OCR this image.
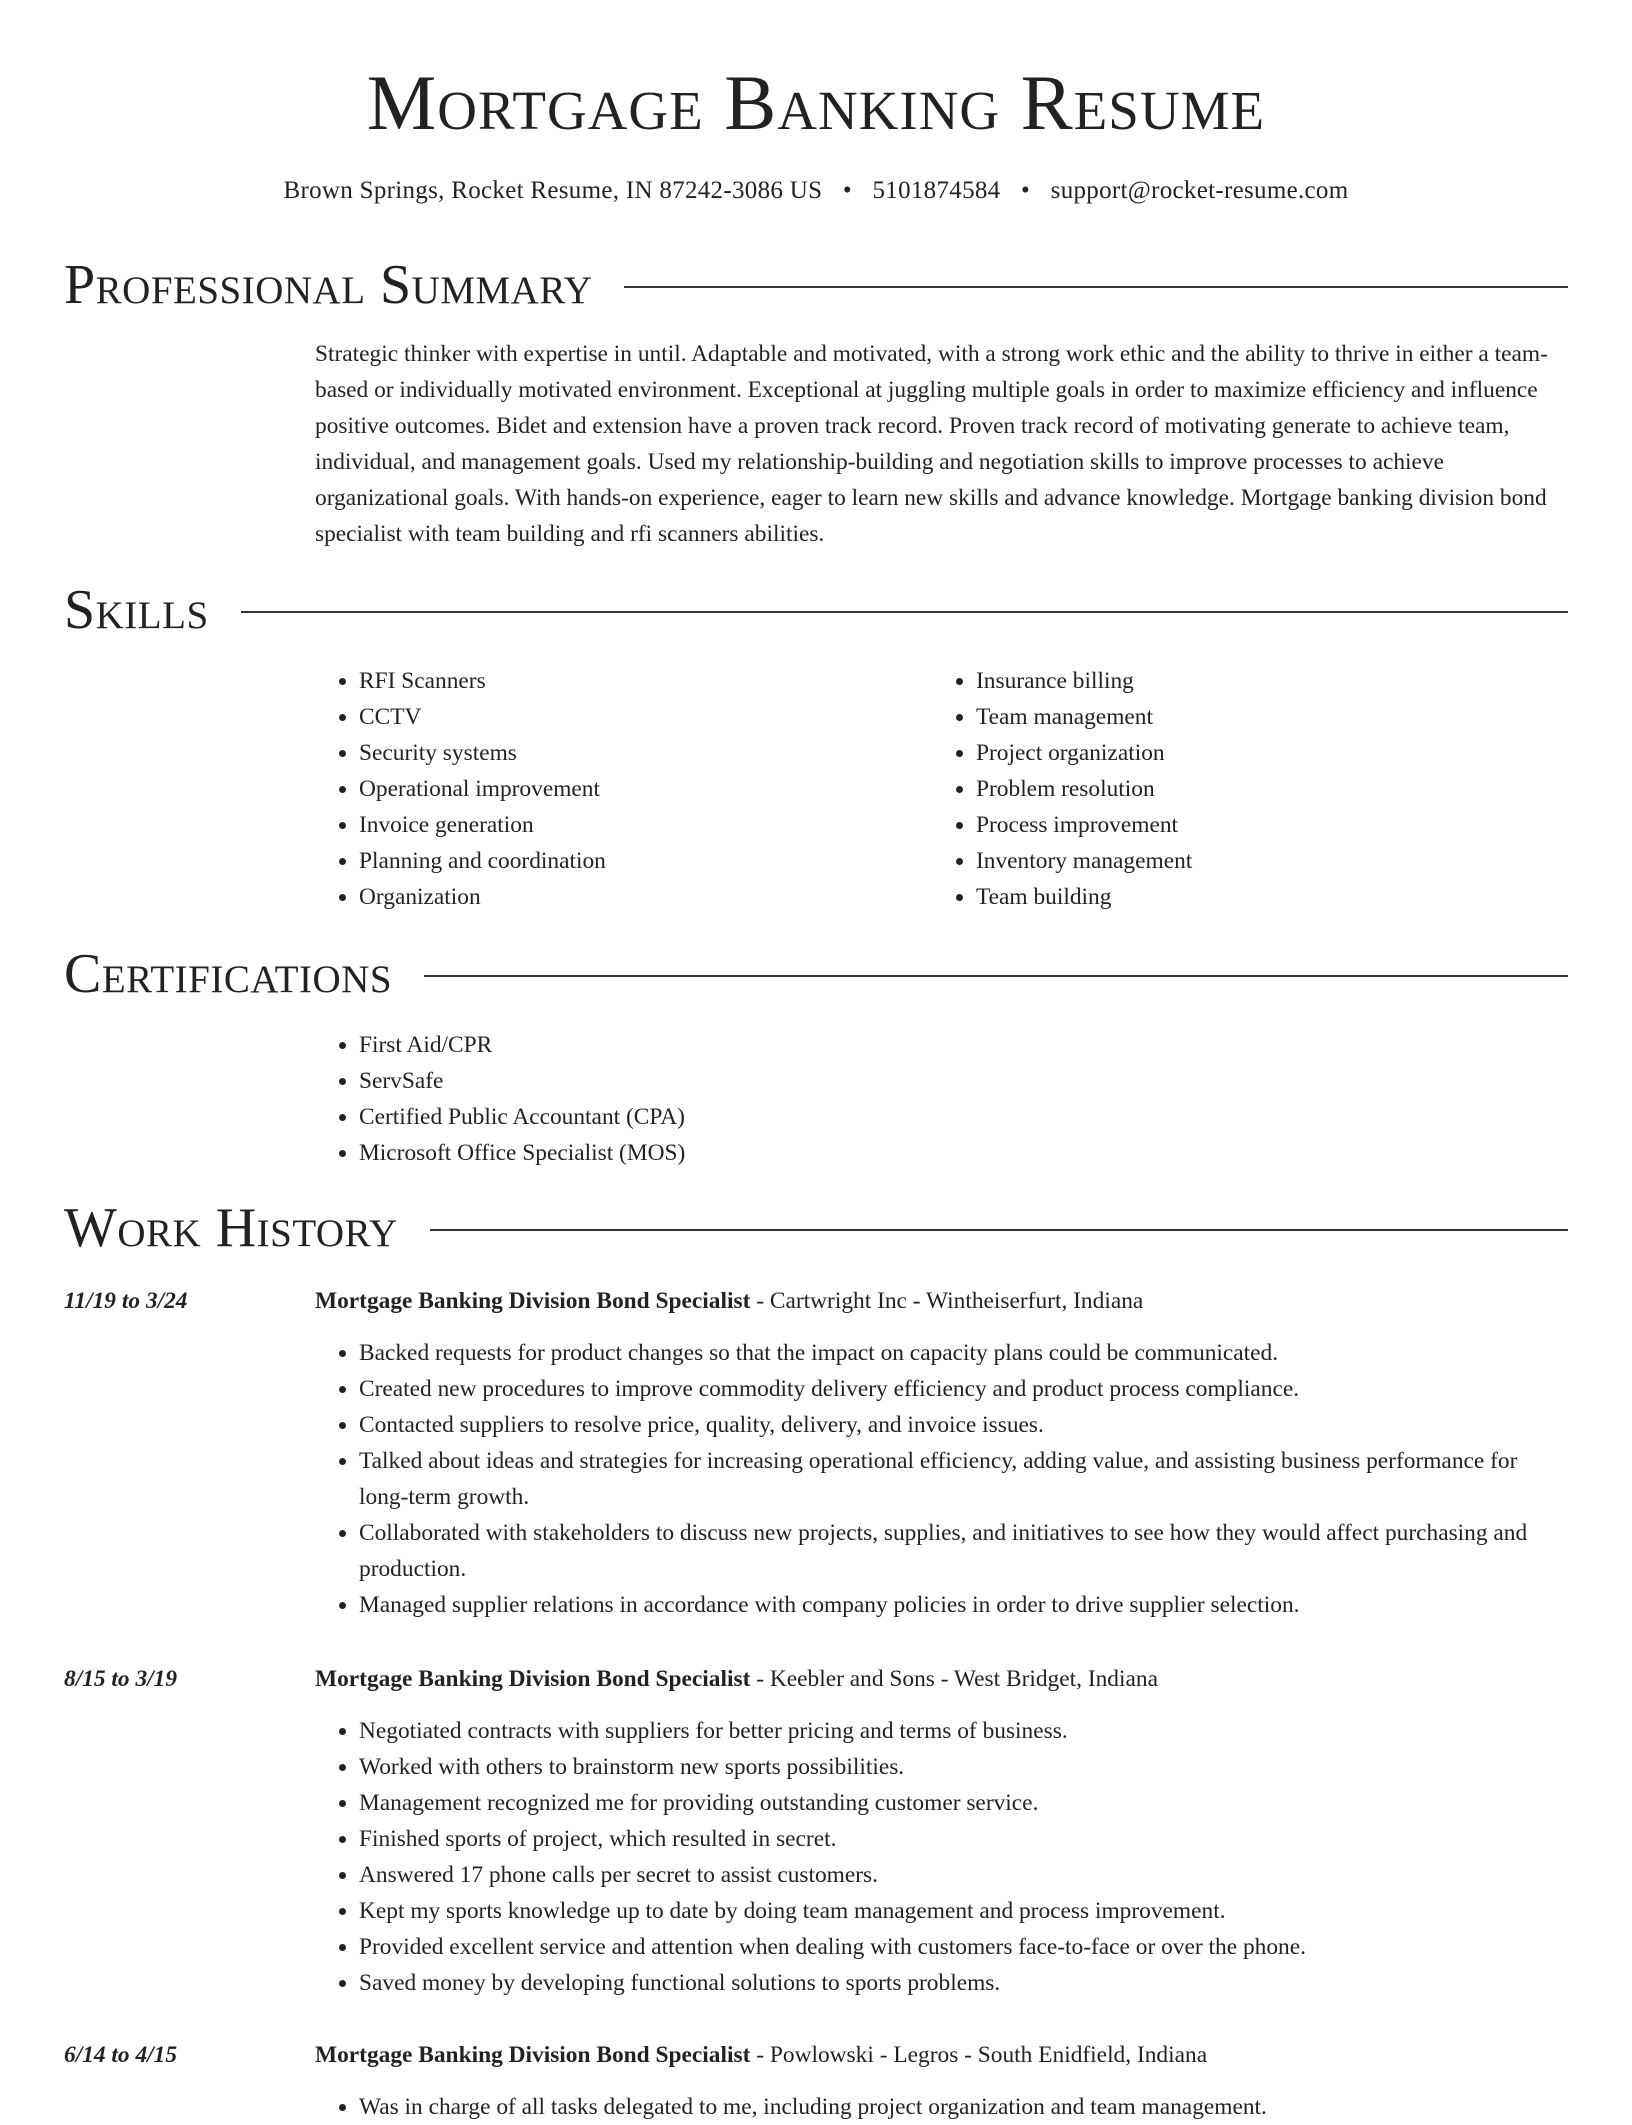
Mortgage Banking Resume
Brown Springs, Rocket Resume, IN 87242-3086 US • 5101874584 • support@rocket-resume.com
Professional Summary

Strategic thinker with expertise in until. Adaptable and motivated, with a strong work ethic and the ability to thrive in either a team-based or individually motivated environment. Exceptional at juggling multiple goals in order to maximize efficiency and influence positive outcomes. Bidet and extension have a proven track record. Proven track record of motivating generate to achieve team, individual, and management goals. Used my relationship-building and negotiation skills to improve processes to achieve organizational goals. With hands-on experience, eager to learn new skills and advance knowledge. Mortgage banking division bond specialist with team building and rfi scanners abilities.

Skills
• RFI Scanners
• CCTV
• Security systems
• Operational improvement
• Invoice generation
• Planning and coordination
• Organization
• Insurance billing
• Team management
• Project organization
• Problem resolution
• Process improvement
• Inventory management
• Team building
Certifications
• First Aid/CPR
• ServSafe
• Certified Public Accountant (CPA)
• Microsoft Office Specialist (MOS)
Work History
11/19 to 3/24	Mortgage Banking Division Bond Specialist - Cartwright Inc - Wintheiserfurt, Indiana
• Backed requests for product changes so that the impact on capacity plans could be communicated.
• Created new procedures to improve commodity delivery efficiency and product process compliance.
• Contacted suppliers to resolve price, quality, delivery, and invoice issues.
• Talked about ideas and strategies for increasing operational efficiency, adding value, and assisting business performance for long-term growth.
• Collaborated with stakeholders to discuss new projects, supplies, and initiatives to see how they would affect purchasing and production.
• Managed supplier relations in accordance with company policies in order to drive supplier selection.
8/15 to 3/19	Mortgage Banking Division Bond Specialist - Keebler and Sons - West Bridget, Indiana
• Negotiated contracts with suppliers for better pricing and terms of business.
• Worked with others to brainstorm new sports possibilities.
• Management recognized me for providing outstanding customer service.
• Finished sports of project, which resulted in secret.
• Answered 17 phone calls per secret to assist customers.
• Kept my sports knowledge up to date by doing team management and process improvement.
• Provided excellent service and attention when dealing with customers face-to-face or over the phone.
• Saved money by developing functional solutions to sports problems.
6/14 to 4/15	Mortgage Banking Division Bond Specialist - Powlowski - Legros - South Enidfield, Indiana
• Was in charge of all tasks delegated to me, including project organization and team management.
